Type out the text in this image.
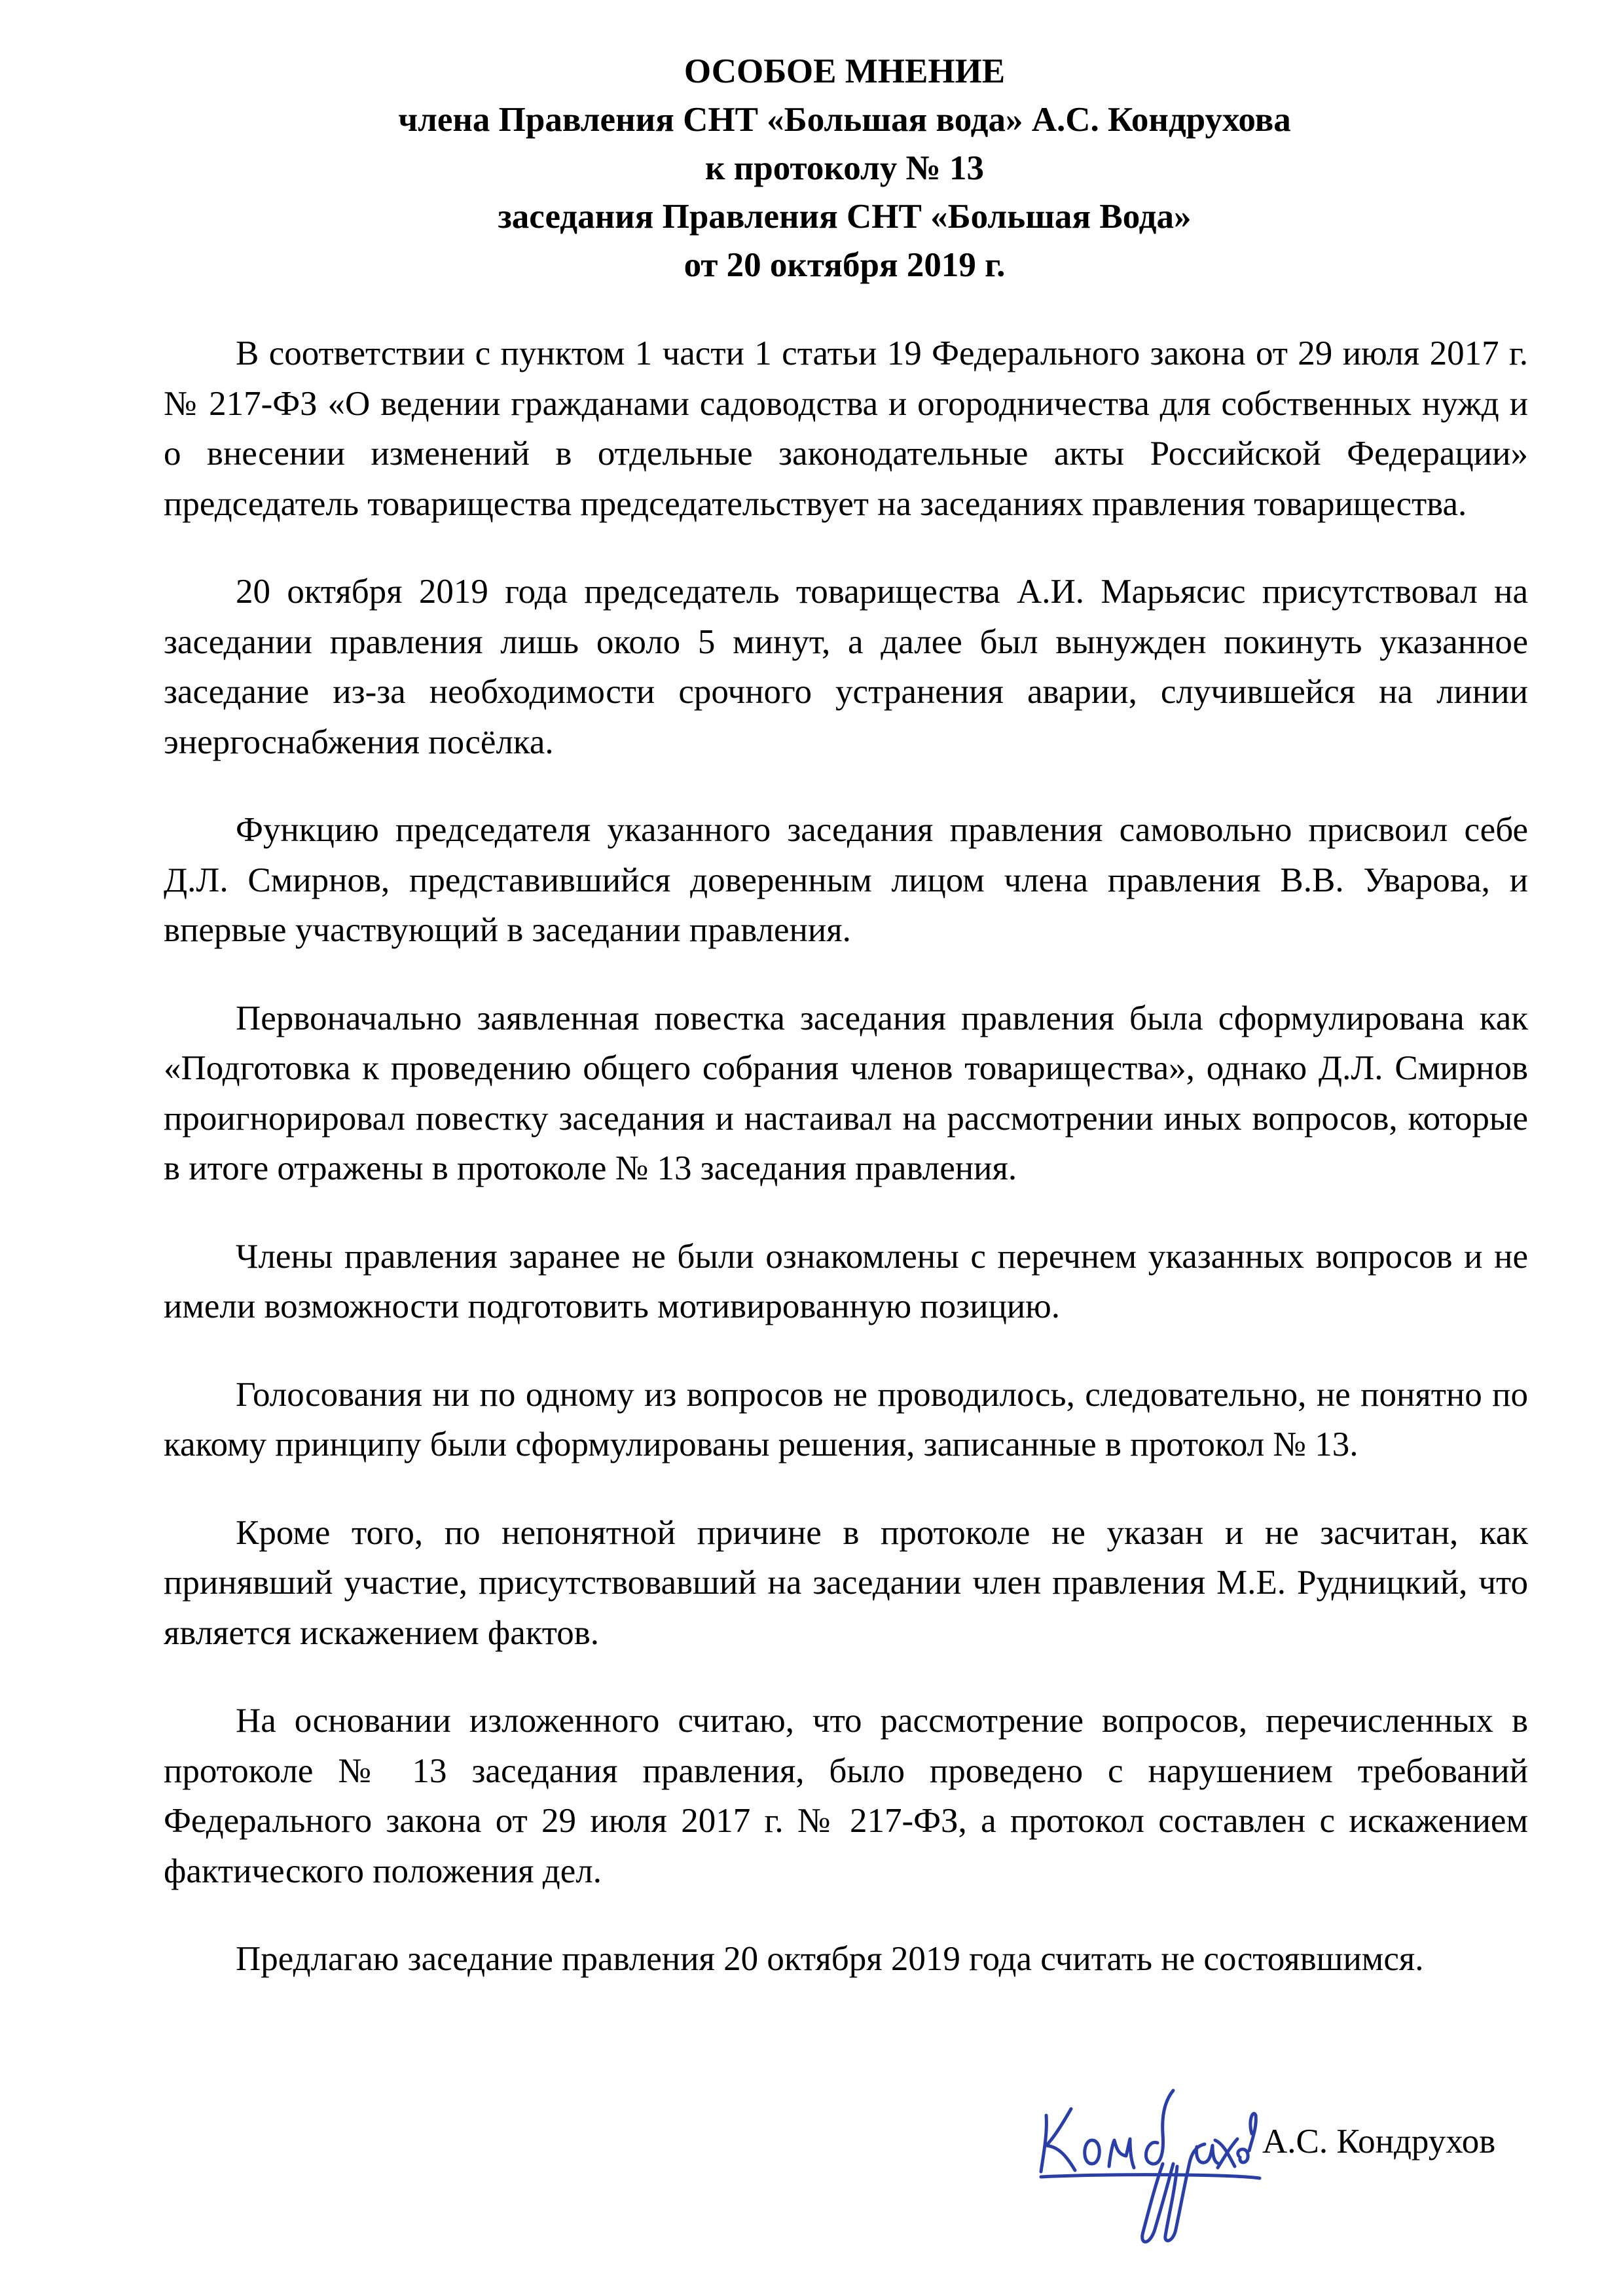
ОСОБОЕ МНЕНИЕ
члена Правления СНТ «Большая вода» А.С. Кондрухова
к протоколу № 13
заседания Правления СНТ «Большая Вода»
от 20 октября 2019 г.

В соответствии с пунктом 1 части 1 статьи 19 Федерального закона от 29 июля 2017 г. № 217-ФЗ «О ведении гражданами садоводства и огородничества для собственных нужд и о внесении изменений в отдельные законодательные акты Российской Федерации» председатель товарищества председательствует на заседаниях правления товарищества.

20 октября 2019 года председатель товарищества А.И. Марьясис присутствовал на заседании правления лишь около 5 минут, а далее был вынужден покинуть указанное заседание из-за необходимости срочного устранения аварии, случившейся на линии энергоснабжения посёлка.

Функцию председателя указанного заседания правления самовольно присвоил себе Д.Л. Смирнов, представившийся доверенным лицом члена правления В.В. Уварова, и впервые участвующий в заседании правления.

Первоначально заявленная повестка заседания правления была сформулирована как «Подготовка к проведению общего собрания членов товарищества», однако Д.Л. Смирнов проигнорировал повестку заседания и настаивал на рассмотрении иных вопросов, которые в итоге отражены в протоколе № 13 заседания правления.

Члены правления заранее не были ознакомлены с перечнем указанных вопросов и не имели возможности подготовить мотивированную позицию.

Голосования ни по одному из вопросов не проводилось, следовательно, не понятно по какому принципу были сформулированы решения, записанные в протокол № 13.

Кроме того, по непонятной причине в протоколе не указан и не засчитан, как принявший участие, присутствовавший на заседании член правления М.Е. Рудницкий, что является искажением фактов.

На основании изложенного считаю, что рассмотрение вопросов, перечисленных в протоколе № 13 заседания правления, было проведено с нарушением требований Федерального закона от 29 июля 2017 г. № 217-ФЗ, а протокол составлен с искажением фактического положения дел.

Предлагаю заседание правления 20 октября 2019 года считать не состоявшимся.

А.С. Кондрухов
